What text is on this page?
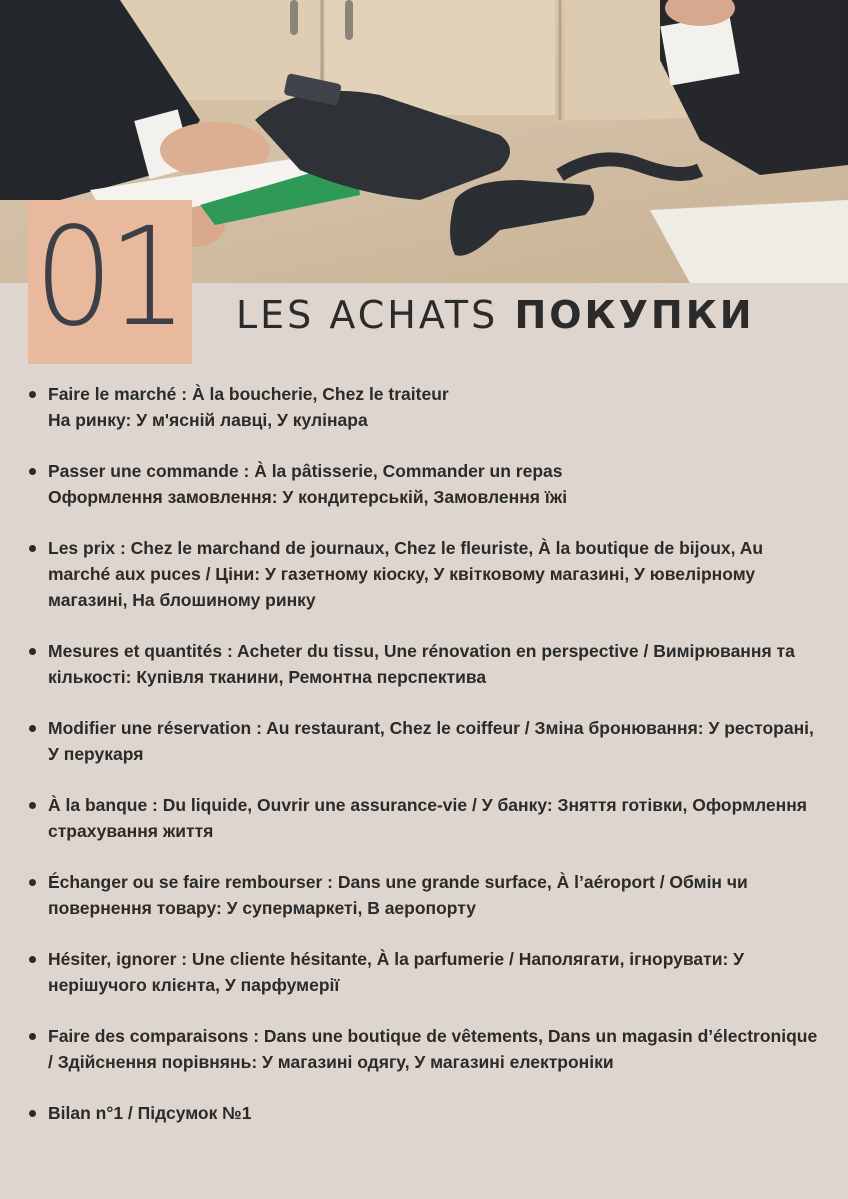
01 LES ACHATS ПОКУПКИ
Faire le marché : À la boucherie, Chez le traiteur
На ринку: У м'ясній лавці, У кулінара
Passer une commande : À la pâtisserie, Commander un repas
Оформлення замовлення: У кондитерській, Замовлення їжі
Les prix : Chez le marchand de journaux, Chez le fleuriste, À la boutique de bijoux, Au marché aux puces / Ціни: У газетному кіоску, У квітковому магазині, У ювелірному магазині, На блошиному ринку
Mesures et quantités : Acheter du tissu, Une rénovation en perspective / Вимірювання та кількості: Купівля тканини, Ремонтна перспектива
Modifier une réservation : Au restaurant, Chez le coiffeur / Зміна бронювання: У ресторані, У перукаря
À la banque : Du liquide, Ouvrir une assurance-vie / У банку: Зняття готівки, Оформлення страхування життя
Échanger ou se faire rembourser : Dans une grande surface, À l’aéroport / Обмін чи повернення товару: У супермаркеті, В аеропорту
Hésiter, ignorer : Une cliente hésitante, À la parfumerie / Наполягати, ігнорувати: У нерішучого клієнта, У парфумерії
Faire des comparaisons : Dans une boutique de vêtements, Dans un magasin d’électronique / Здійснення порівнянь: У магазині одягу, У магазині електроніки
Bilan n°1 / Підсумок №1
